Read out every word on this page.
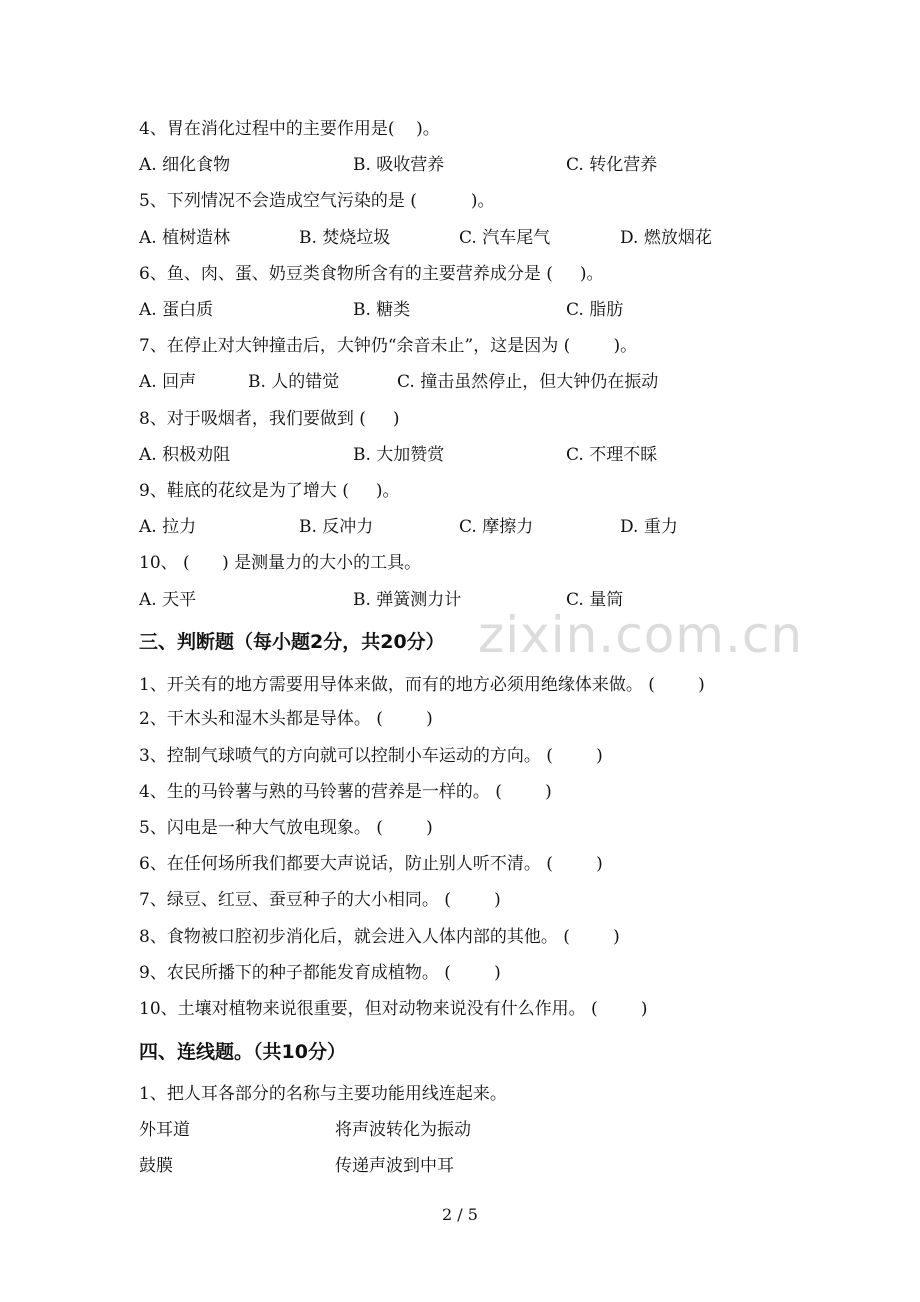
zixin.com.cn
4、胃在消化过程中的主要作用是(    )。
A. 细化食物	B. 吸收营养	C. 转化营养
5、下列情况不会造成空气污染的是 (          )。
A. 植树造林	B. 焚烧垃圾	C. 汽车尾气	D. 燃放烟花
6、鱼、肉、蛋、奶豆类食物所含有的主要营养成分是 (     )。
A. 蛋白质	B. 糖类	C. 脂肪
7、在停止对大钟撞击后，大钟仍“余音未止”，这是因为 (        )。
A. 回声	B. 人的错觉	C. 撞击虽然停止，但大钟仍在振动
8、对于吸烟者，我们要做到 (     )
A. 积极劝阻	B. 大加赞赏	C. 不理不睬
9、鞋底的花纹是为了增大 (     )。
A. 拉力	B. 反冲力	C. 摩擦力	D. 重力
10、 (      ) 是测量力的大小的工具。
A. 天平	B. 弹簧测力计	C. 量筒
三、判断题（每小题2分，共20分）
1、开关有的地方需要用导体来做，而有的地方必须用绝缘体来做。 (        )
2、干木头和湿木头都是导体。 (        )
3、控制气球喷气的方向就可以控制小车运动的方向。 (        )
4、生的马铃薯与熟的马铃薯的营养是一样的。 (        )
5、闪电是一种大气放电现象。 (        )
6、在任何场所我们都要大声说话，防止别人听不清。 (        )
7、绿豆、红豆、蚕豆种子的大小相同。 (        )
8、食物被口腔初步消化后，就会进入人体内部的其他。 (        )
9、农民所播下的种子都能发育成植物。 (        )
10、土壤对植物来说很重要，但对动物来说没有什么作用。 (        )
四、连线题。（共10分）
1、把人耳各部分的名称与主要功能用线连起来。
外耳道	将声波转化为振动
鼓膜	传递声波到中耳
2 / 5
